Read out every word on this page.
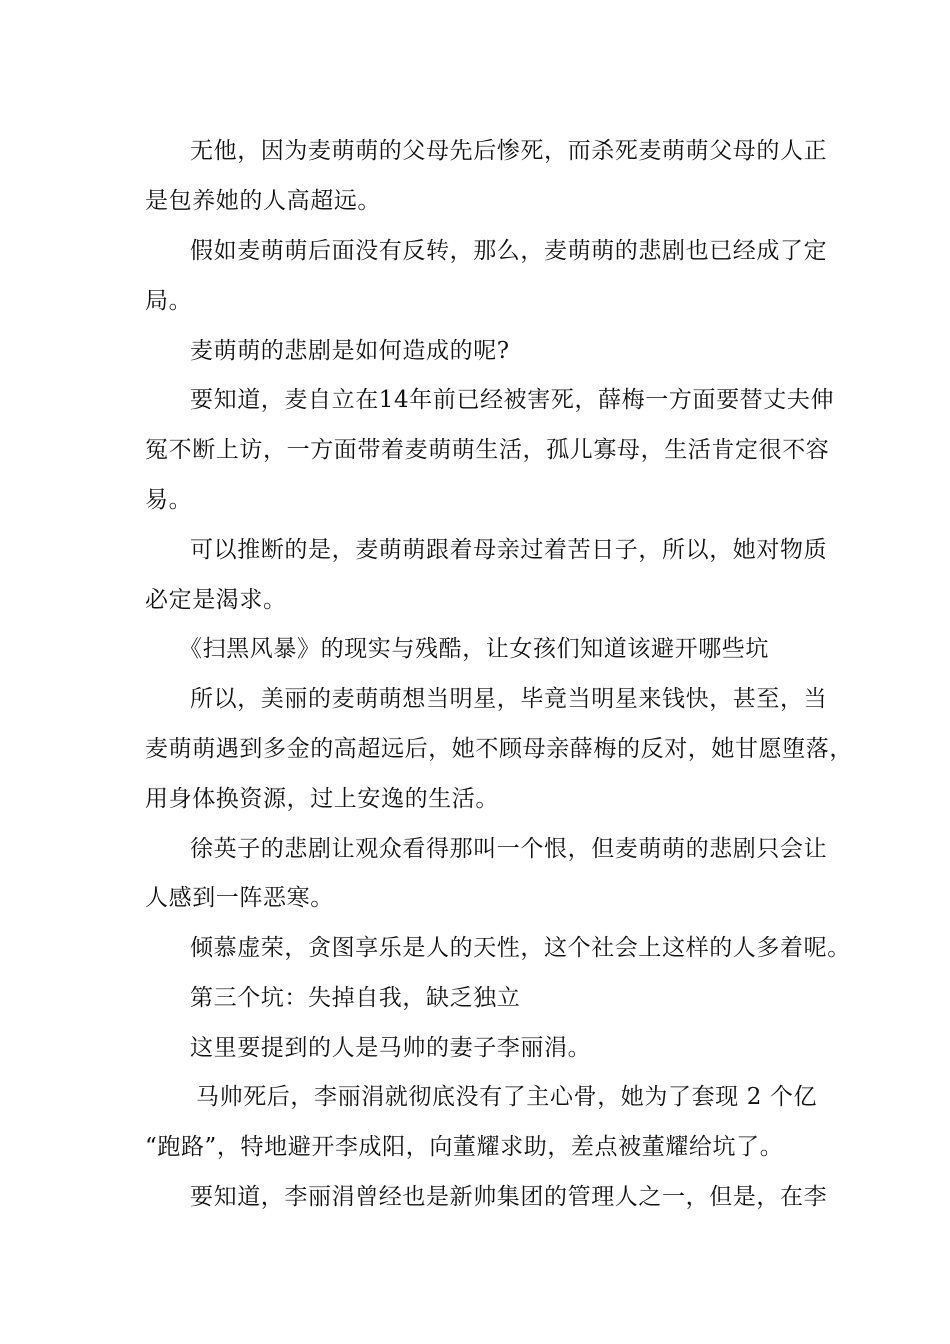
无他，因为麦萌萌的父母先后惨死，而杀死麦萌萌父母的人正
是包养她的人高超远。
假如麦萌萌后面没有反转，那么，麦萌萌的悲剧也已经成了定
局。
麦萌萌的悲剧是如何造成的呢?
要知道，麦自立在14年前已经被害死，薛梅一方面要替丈夫伸
冤不断上访，一方面带着麦萌萌生活，孤儿寡母，生活肯定很不容
易。
可以推断的是，麦萌萌跟着母亲过着苦日子，所以，她对物质
必定是渴求。
《扫黑风暴》的现实与残酷，让女孩们知道该避开哪些坑
所以，美丽的麦萌萌想当明星，毕竟当明星来钱快，甚至，当
麦萌萌遇到多金的高超远后，她不顾母亲薛梅的反对，她甘愿堕落，
用身体换资源，过上安逸的生活。
徐英子的悲剧让观众看得那叫一个恨，但麦萌萌的悲剧只会让
人感到一阵恶寒。
倾慕虚荣，贪图享乐是人的天性，这个社会上这样的人多着呢。
第三个坑：失掉自我，缺乏独立
这里要提到的人是马帅的妻子李丽涓。
马帅死后，李丽涓就彻底没有了主心骨，她为了套现 2 个亿
“跑路”，特地避开李成阳，向董耀求助，差点被董耀给坑了。
要知道，李丽涓曾经也是新帅集团的管理人之一，但是，在李
